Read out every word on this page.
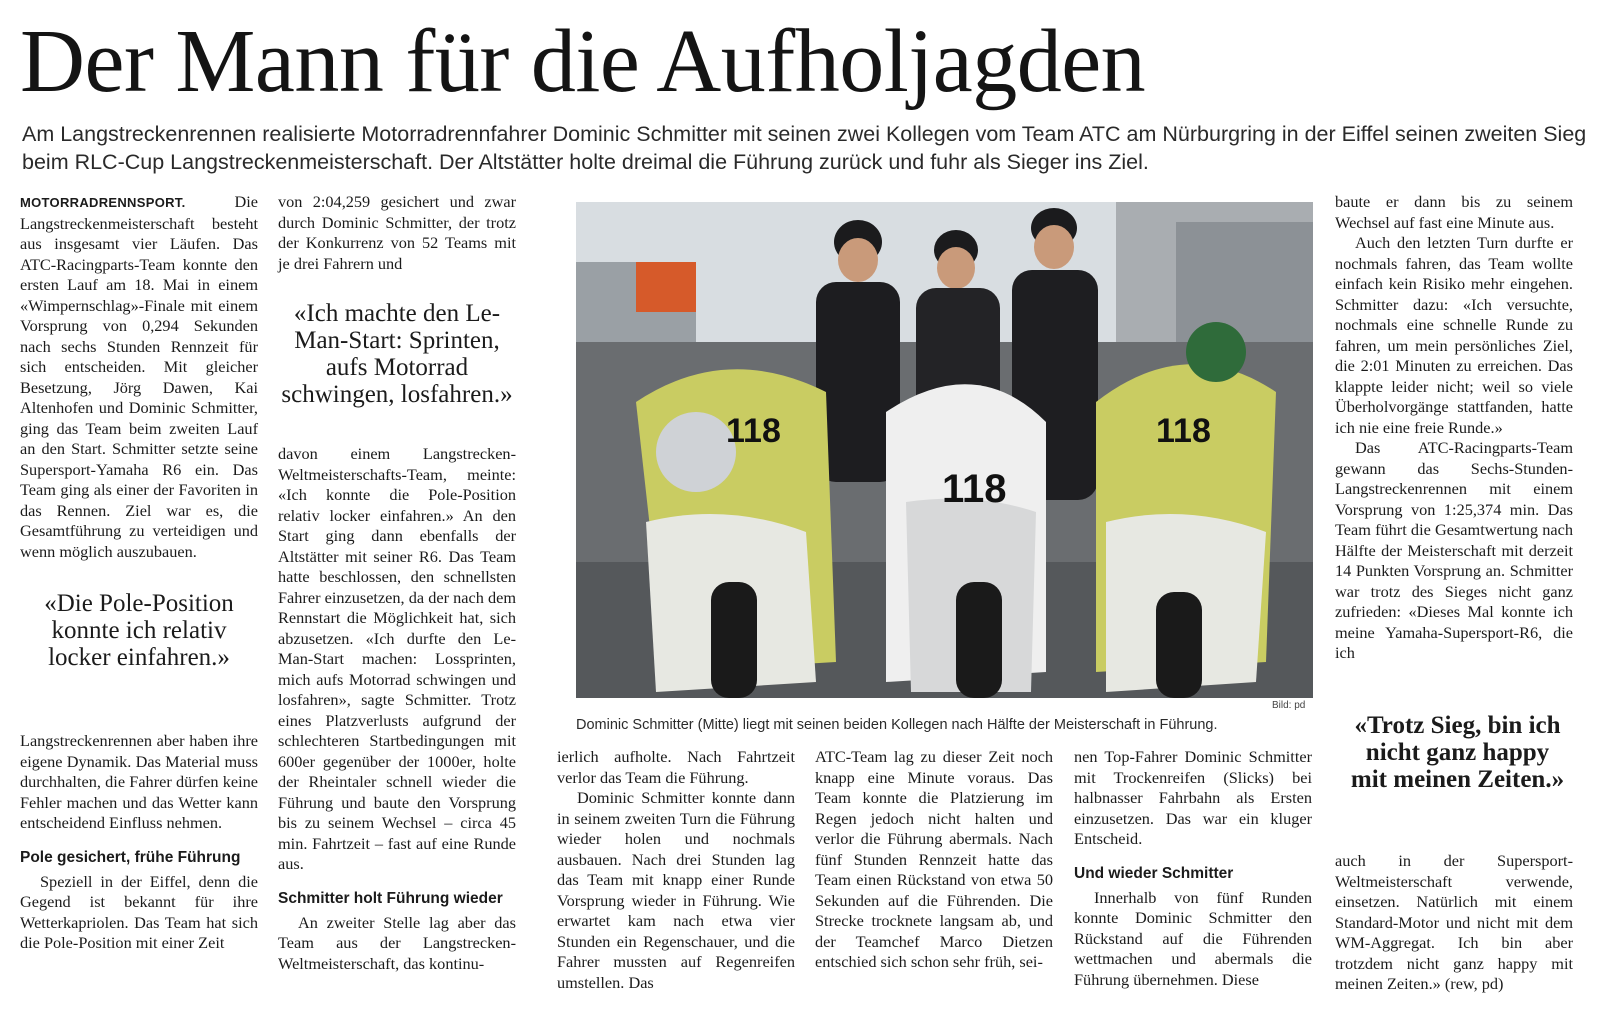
Der Mann für die Aufholjagden
Am Langstreckenrennen realisierte Motorradrennfahrer Dominic Schmitter mit seinen zwei Kollegen vom Team ATC am Nürburgring in der Eiffel seinen zweiten Sieg beim RLC-Cup Langstreckenmeisterschaft. Der Altstätter holte dreimal die Führung zurück und fuhr als Sieger ins Ziel.

MOTORRADRENNSPORT.	Die Langstreckenmeisterschaft besteht aus insgesamt vier Läufen. Das ATC-Racingparts-Team konnte den ersten Lauf am 18. Mai in einem «Wimpernschlag»-Finale mit einem Vorsprung von 0,294 Sekunden nach sechs Stunden Rennzeit für sich entscheiden. Mit gleicher Besetzung, Jörg Dawen, Kai Altenhofen und Dominic Schmitter, ging das Team beim zweiten Lauf an den Start. Schmitter setzte seine Supersport-Yamaha R6 ein. Das Team ging als einer der Favoriten in das Rennen. Ziel war es, die Gesamtführung zu verteidigen und wenn möglich auszubauen.

«Die Pole-Position konnte ich relativ locker einfahren.»

Langstreckenrennen aber haben ihre eigene Dynamik. Das Material muss durchhalten, die Fahrer dürfen keine Fehler machen und das Wetter kann entscheidend Einfluss nehmen.

Pole gesichert, frühe Führung

Speziell in der Eiffel, denn die Gegend ist bekannt für ihre Wetterkapriolen. Das Team hat sich die Pole-Position mit einer Zeit

von 2:04,259 gesichert und zwar durch Dominic Schmitter, der trotz der Konkurrenz von 52 Teams mit je drei Fahrern und

«Ich machte den Le-Man-Start: Sprinten, aufs Motorrad schwingen, losfahren.»

davon einem Langstrecken-Weltmeisterschafts-Team, meinte: «Ich konnte die Pole-Position relativ locker einfahren.» An den Start ging dann ebenfalls der Altstätter mit seiner R6. Das Team hatte beschlossen, den schnellsten Fahrer einzusetzen, da der nach dem Rennstart die Möglichkeit hat, sich abzusetzen. «Ich durfte den Le-Man-Start machen: Lossprinten, mich aufs Motorrad schwingen und losfahren», sagte Schmitter. Trotz eines Platzverlusts aufgrund der schlechteren Startbedingungen mit 600er gegenüber der 1000er, holte der Rheintaler schnell wieder die Führung und baute den Vorsprung bis zu seinem Wechsel – circa 45 min. Fahrtzeit – fast auf eine Runde aus.

Schmitter holt Führung wieder

An zweiter Stelle lag aber das Team aus der Langstrecken-Weltmeisterschaft, das kontinu-

118
118
118
Bild: pd
Dominic Schmitter (Mitte) liegt mit seinen beiden Kollegen nach Hälfte der Meisterschaft in Führung.

ierlich aufholte. Nach Fahrtzeit verlor das Team die Führung.

Dominic Schmitter konnte dann in seinem zweiten Turn die Führung wieder holen und nochmals ausbauen. Nach drei Stunden lag das Team mit knapp einer Runde Vorsprung wieder in Führung. Wie erwartet kam nach etwa vier Stunden ein Regenschauer, und die Fahrer mussten auf Regenreifen umstellen. Das

ATC-Team lag zu dieser Zeit noch knapp eine Minute voraus. Das Team konnte die Platzierung im Regen jedoch nicht halten und verlor die Führung abermals. Nach fünf Stunden Rennzeit hatte das Team einen Rückstand von etwa 50 Sekunden auf die Führenden. Die Strecke trocknete langsam ab, und der Teamchef Marco Dietzen entschied sich schon sehr früh, sei-

nen Top-Fahrer Dominic Schmitter mit Trockenreifen (Slicks) bei halbnasser Fahrbahn als Ersten einzusetzen. Das war ein kluger Entscheid.

Und wieder Schmitter

Innerhalb von fünf Runden konnte Dominic Schmitter den Rückstand auf die Führenden wettmachen und abermals die Führung übernehmen. Diese

baute er dann bis zu seinem Wechsel auf fast eine Minute aus.

Auch den letzten Turn durfte er nochmals fahren, das Team wollte einfach kein Risiko mehr eingehen. Schmitter dazu: «Ich versuchte, nochmals eine schnelle Runde zu fahren, um mein persönliches Ziel, die 2:01 Minuten zu erreichen. Das klappte leider nicht; weil so viele Überholvorgänge stattfanden, hatte ich nie eine freie Runde.»

Das ATC-Racingparts-Team gewann das Sechs-Stunden-Langstreckenrennen mit einem Vorsprung von 1:25,374 min. Das Team führt die Gesamtwertung nach Hälfte der Meisterschaft mit derzeit 14 Punkten Vorsprung an. Schmitter war trotz des Sieges nicht ganz zufrieden: «Dieses Mal konnte ich meine Yamaha-Supersport-R6, die ich

«Trotz Sieg, bin ich nicht ganz happy mit meinen Zeiten.»

auch in der Supersport-Weltmeisterschaft verwende, einsetzen. Natürlich mit einem Standard-Motor und nicht mit dem WM-Aggregat. Ich bin aber trotzdem nicht ganz happy mit meinen Zeiten.» (rew, pd)
